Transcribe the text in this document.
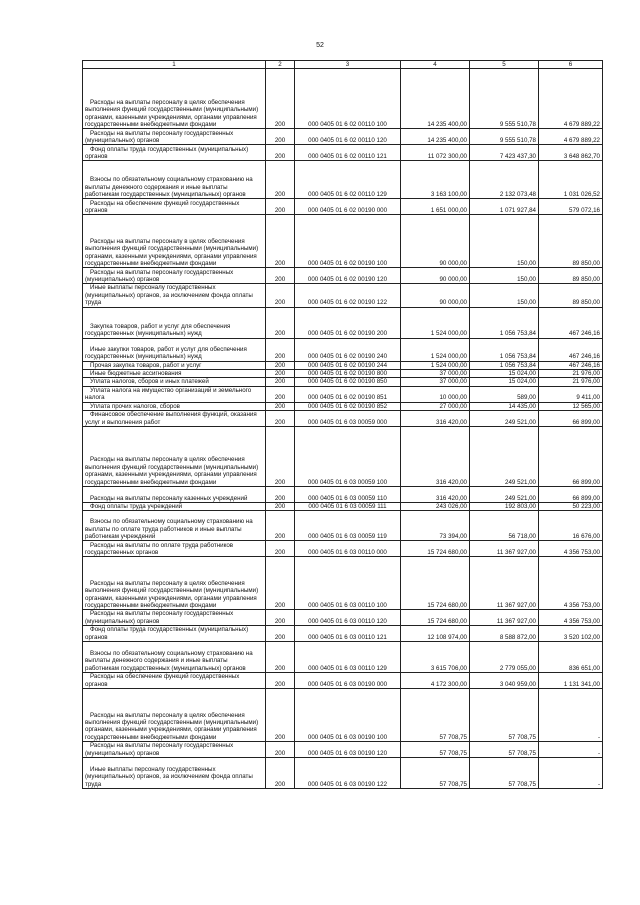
52
1	2	3	4	5	6
Расходы на выплаты персоналу в целях обеспечения выполнения функций государственными (муниципальными) органами, казенными учреждениями, органами управления государственными внебюджетными фондами	200	000 0405 01 6 02 00110 100	14 235 400,00	9 555 510,78	4 679 889,22
Расходы на выплаты персоналу государственных (муниципальных) органов	200	000 0405 01 6 02 00110 120	14 235 400,00	9 555 510,78	4 679 889,22
Фонд оплаты труда государственных (муниципальных) органов	200	000 0405 01 6 02 00110 121	11 072 300,00	7 423 437,30	3 648 862,70
Взносы по обязательному социальному страхованию на выплаты денежного содержания и иные выплаты работникам государственных (муниципальных) органов	200	000 0405 01 6 02 00110 129	3 163 100,00	2 132 073,48	1 031 026,52
Расходы на обеспечение функций государственных органов	200	000 0405 01 6 02 00190 000	1 651 000,00	1 071 927,84	579 072,16
Расходы на выплаты персоналу в целях обеспечения выполнения функций государственными (муниципальными) органами, казенными учреждениями, органами управления государственными внебюджетными фондами	200	000 0405 01 6 02 00190 100	90 000,00	150,00	89 850,00
Расходы на выплаты персоналу государственных (муниципальных) органов	200	000 0405 01 6 02 00190 120	90 000,00	150,00	89 850,00
Иные выплаты персоналу государственных (муниципальных) органов, за исключением фонда оплаты труда	200	000 0405 01 6 02 00190 122	90 000,00	150,00	89 850,00
Закупка товаров, работ и услуг для обеспечения государственных (муниципальных) нужд	200	000 0405 01 6 02 00190 200	1 524 000,00	1 056 753,84	467 246,16
Иные закупки товаров, работ и услуг для обеспечения государственных (муниципальных) нужд	200	000 0405 01 6 02 00190 240	1 524 000,00	1 056 753,84	467 246,16
Прочая закупка товаров, работ и услуг	200	000 0405 01 6 02 00190 244	1 524 000,00	1 056 753,84	467 246,16
Иные бюджетные ассигнования	200	000 0405 01 6 02 00190 800	37 000,00	15 024,00	21 976,00
Уплата налогов, сборов и иных платежей	200	000 0405 01 6 02 00190 850	37 000,00	15 024,00	21 976,00
Уплата налога на имущество организаций и земельного налога	200	000 0405 01 6 02 00190 851	10 000,00	589,00	9 411,00
Уплата прочих налогов, сборов	200	000 0405 01 6 02 00190 852	27 000,00	14 435,00	12 565,00
Финансовое обеспечение выполнения функций, оказания услуг и выполнения работ	200	000 0405 01 6 03 00059 000	316 420,00	249 521,00	66 899,00
Расходы на выплаты персоналу в целях обеспечения выполнения функций государственными (муниципальными) органами, казенными учреждениями, органами управления государственными внебюджетными фондами	200	000 0405 01 6 03 00059 100	316 420,00	249 521,00	66 899,00
Расходы на выплаты персоналу казенных учреждений	200	000 0405 01 6 03 00059 110	316 420,00	249 521,00	66 899,00
Фонд оплаты труда учреждений	200	000 0405 01 6 03 00059 111	243 026,00	192 803,00	50 223,00
Взносы по обязательному социальному страхованию на выплаты по оплате труда работников и иные выплаты работникам учреждений	200	000 0405 01 6 03 00059 119	73 394,00	56 718,00	16 676,00
Расходы на выплаты по оплате труда работников государственных органов	200	000 0405 01 6 03 00110 000	15 724 680,00	11 367 927,00	4 356 753,00
Расходы на выплаты персоналу в целях обеспечения выполнения функций государственными (муниципальными) органами, казенными учреждениями, органами управления государственными внебюджетными фондами	200	000 0405 01 6 03 00110 100	15 724 680,00	11 367 927,00	4 356 753,00
Расходы на выплаты персоналу государственных (муниципальных) органов	200	000 0405 01 6 03 00110 120	15 724 680,00	11 367 927,00	4 356 753,00
Фонд оплаты труда государственных (муниципальных) органов	200	000 0405 01 6 03 00110 121	12 108 974,00	8 588 872,00	3 520 102,00
Взносы по обязательному социальному страхованию на выплаты денежного содержания и иные выплаты работникам государственных (муниципальных) органов	200	000 0405 01 6 03 00110 129	3 615 706,00	2 779 055,00	836 651,00
Расходы на обеспечение функций государственных органов	200	000 0405 01 6 03 00190 000	4 172 300,00	3 040 959,00	1 131 341,00
Расходы на выплаты персоналу в целях обеспечения выполнения функций государственными (муниципальными) органами, казенными учреждениями, органами управления государственными внебюджетными фондами	200	000 0405 01 6 03 00190 100	57 708,75	57 708,75	-
Расходы на выплаты персоналу государственных (муниципальных) органов	200	000 0405 01 6 03 00190 120	57 708,75	57 708,75	-
Иные выплаты персоналу государственных (муниципальных) органов, за исключением фонда оплаты труда	200	000 0405 01 6 03 00190 122	57 708,75	57 708,75	-
